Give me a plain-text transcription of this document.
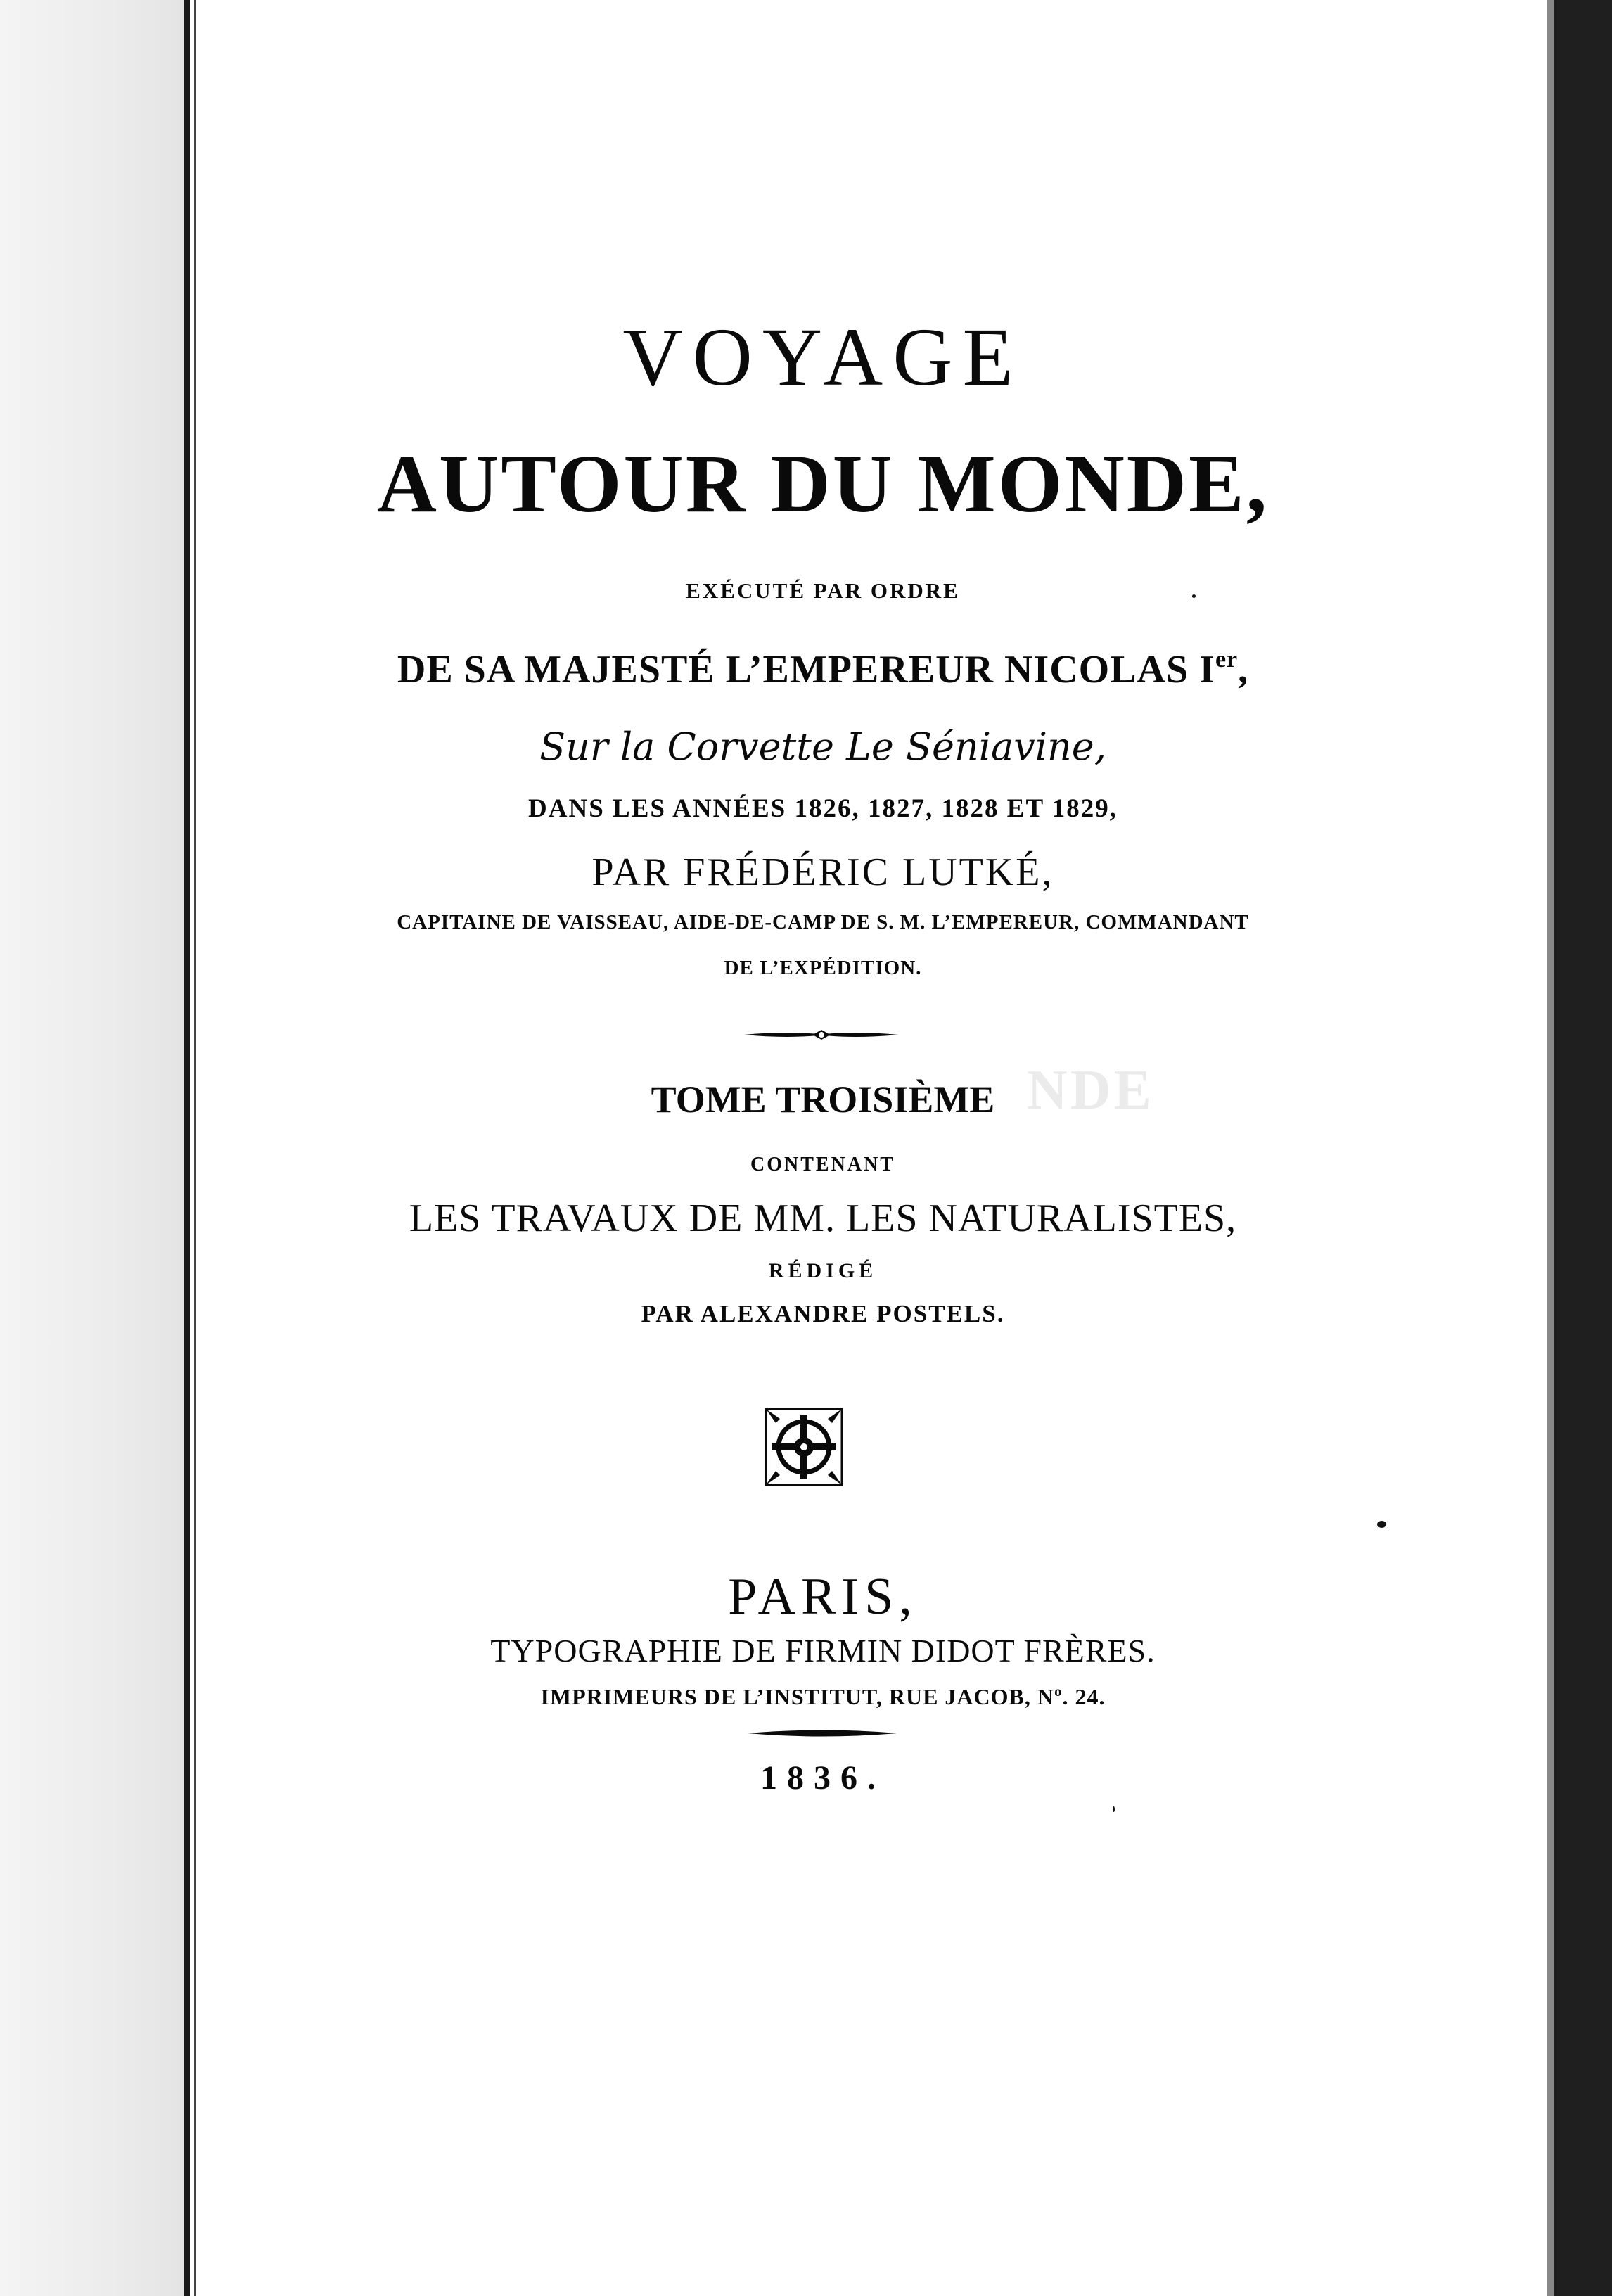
NDE
VOYAGE
AUTOUR DU MONDE,
EXÉCUTÉ PAR ORDRE
DE SA MAJESTÉ L’EMPEREUR NICOLAS Ier,
Sur la Corvette Le Séniavine,
DANS LES ANNÉES 1826, 1827, 1828 ET 1829,
PAR FRÉDÉRIC LUTKÉ,
CAPITAINE DE VAISSEAU, AIDE-DE-CAMP DE S. M. L’EMPEREUR, COMMANDANT
DE L’EXPÉDITION.
TOME TROISIÈME
CONTENANT
LES TRAVAUX DE MM. LES NATURALISTES,
RÉDIGÉ
PAR ALEXANDRE POSTELS.
PARIS,
TYPOGRAPHIE DE FIRMIN DIDOT FRÈRES.
IMPRIMEURS DE L’INSTITUT, RUE JACOB, Nº. 24.
1836.
